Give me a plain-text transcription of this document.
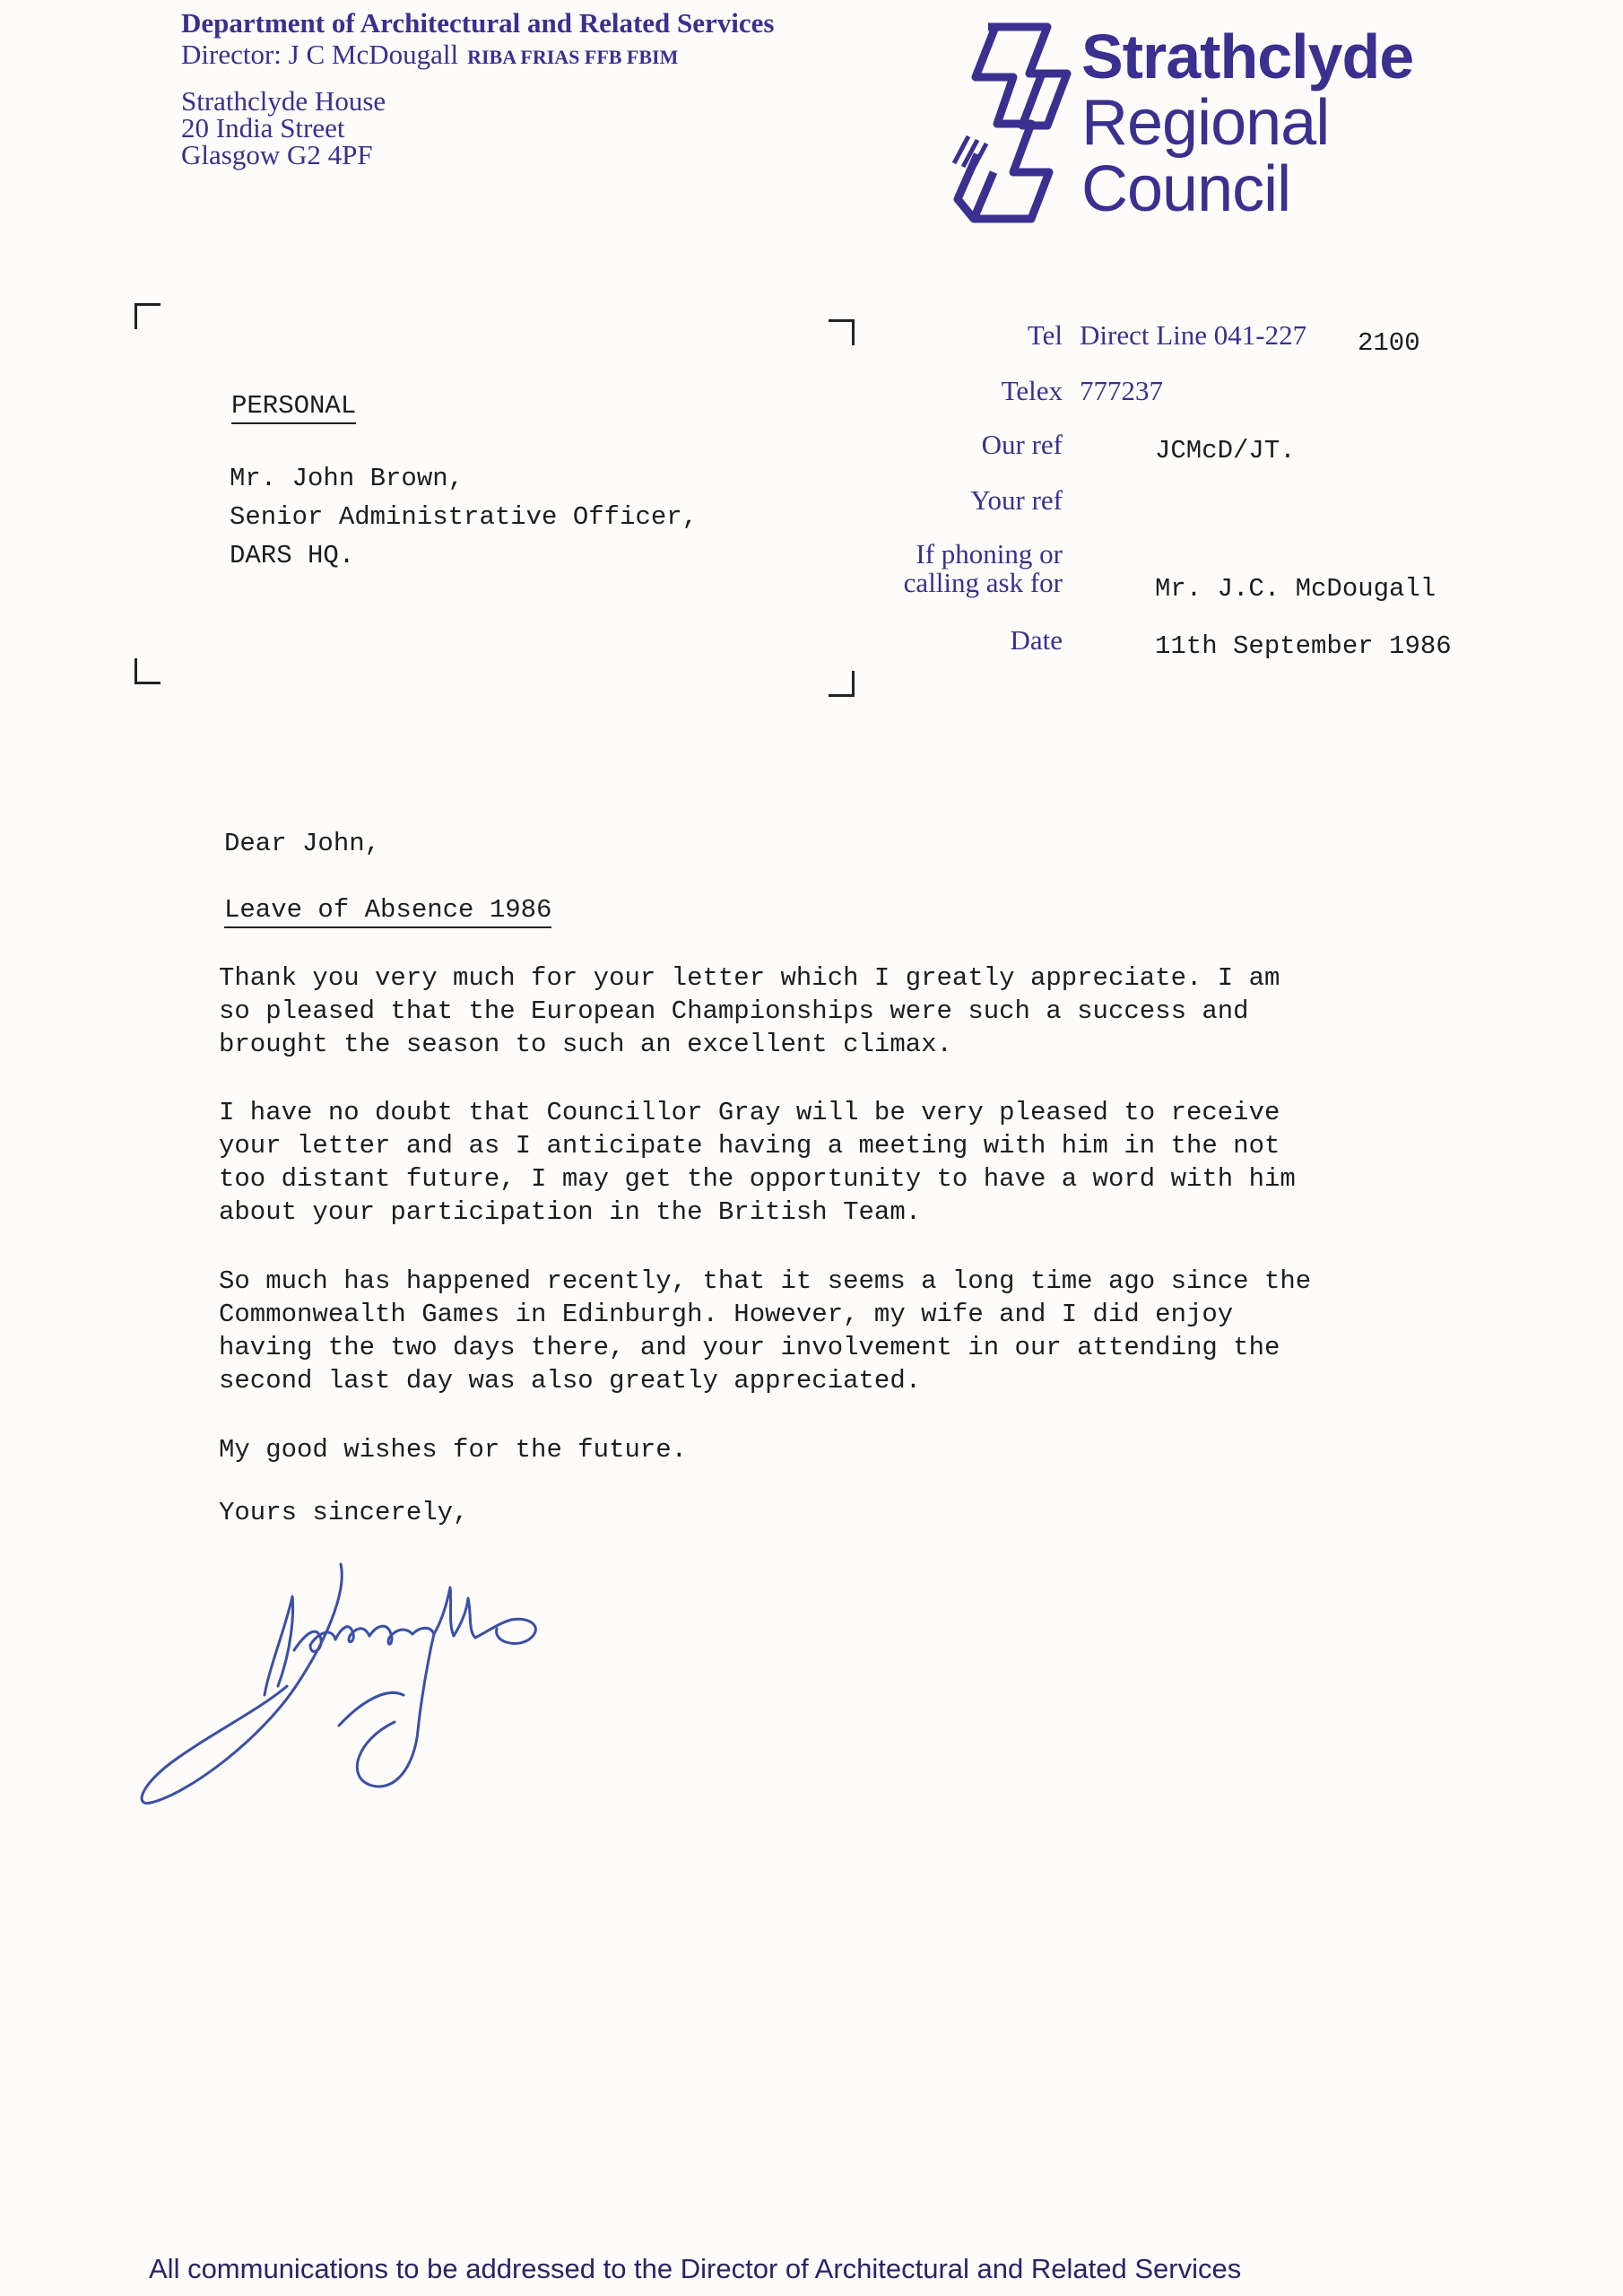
Department of Architectural and Related Services
Director: J C McDougall RIBA FRIAS FFB FBIM
Strathclyde House
20 India Street
Glasgow G2 4PF
Strathclyde
Regional
Council
PERSONAL
Mr. John Brown,
Senior Administrative Officer,
DARS HQ.
Tel Direct Line 041-227 2100
Telex 777237
Our ref	JCMcD/JT.
Your ref
If phoning or
calling ask for	Mr. J.C. McDougall
Date	11th September 1986
Dear John,
Leave of Absence 1986
Thank you very much for your letter which I greatly appreciate. I am
so pleased that the European Championships were such a success and
brought the season to such an excellent climax.
I have no doubt that Councillor Gray will be very pleased to receive
your letter and as I anticipate having a meeting with him in the not
too distant future, I may get the opportunity to have a word with him
about your participation in the British Team.
So much has happened recently, that it seems a long time ago since the
Commonwealth Games in Edinburgh. However, my wife and I did enjoy
having the two days there, and your involvement in our attending the
second last day was also greatly appreciated.
My good wishes for the future.
Yours sincerely,
All communications to be addressed to the Director of Architectural and Related Services
